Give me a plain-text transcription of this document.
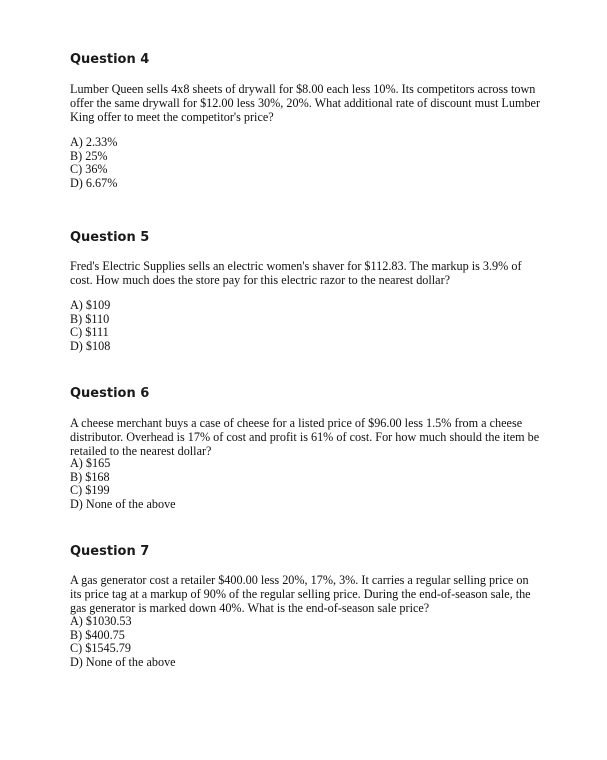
Question 4

Lumber Queen sells 4x8 sheets of drywall for $8.00 each less 10%. Its competitors across town offer the same drywall for $12.00 less 30%, 20%. What additional rate of discount must Lumber King offer to meet the competitor's price?

A) 2.33%
B) 25%
C) 36%
D) 6.67%
Question 5

Fred's Electric Supplies sells an electric women's shaver for $112.83. The markup is 3.9% of cost. How much does the store pay for this electric razor to the nearest dollar?

A) $109
B) $110
C) $111
D) $108
Question 6

A cheese merchant buys a case of cheese for a listed price of $96.00 less 1.5% from a cheese distributor. Overhead is 17% of cost and profit is 61% of cost. For how much should the item be retailed to the nearest dollar?

A) $165
B) $168
C) $199
D) None of the above
Question 7

A gas generator cost a retailer $400.00 less 20%, 17%, 3%. It carries a regular selling price on its price tag at a markup of 90% of the regular selling price. During the end-of-season sale, the gas generator is marked down 40%. What is the end-of-season sale price?

A) $1030.53
B) $400.75
C) $1545.79
D) None of the above
